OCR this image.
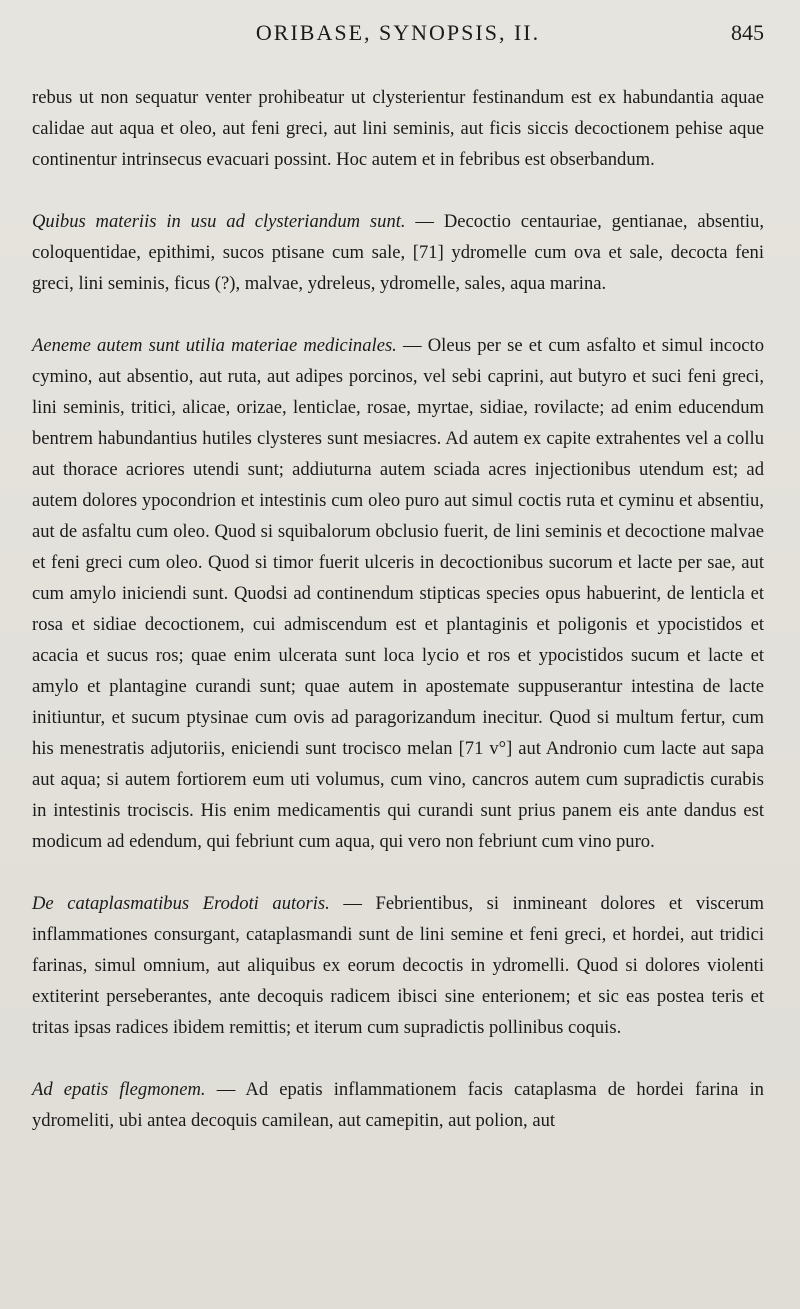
ORIBASE, SYNOPSIS, II.	845

rebus ut non sequatur venter prohibeatur ut clysterientur festinandum est ex habundantia aquae calidae aut aqua et oleo, aut feni greci, aut lini seminis, aut ficis siccis decoctionem pehise aque continentur intrinsecus evacuari possint. Hoc autem et in febribus est obserbandum.

Quibus materiis in usu ad clysteriandum sunt. — Decoctio centauriae, gentianae, absentiu, coloquentidae, epithimi, sucos ptisane cum sale, [71] ydromelle cum ova et sale, decocta feni greci, lini seminis, ficus (?), malvae, ydreleus, ydromelle, sales, aqua marina.

Aeneme autem sunt utilia materiae medicinales. — Oleus per se et cum asfalto et simul incocto cymino, aut absentio, aut ruta, aut adipes porcinos, vel sebi caprini, aut butyro et suci feni greci, lini seminis, tritici, alicae, orizae, lenticlae, rosae, myrtae, sidiae, rovilacte; ad enim educendum bentrem habundantius hutiles clysteres sunt mesiacres. Ad autem ex capite extrahentes vel a collu aut thorace acriores utendi sunt; addiuturna autem sciada acres injectionibus utendum est; ad autem dolores ypocondrion et intestinis cum oleo puro aut simul coctis ruta et cyminu et absentiu, aut de asfaltu cum oleo. Quod si squibalorum obclusio fuerit, de lini seminis et decoctione malvae et feni greci cum oleo. Quod si timor fuerit ulceris in decoctionibus sucorum et lacte per sae, aut cum amylo iniciendi sunt. Quodsi ad continendum stipticas species opus habuerint, de lenticla et rosa et sidiae decoctionem, cui admiscendum est et plantaginis et poligonis et ypocistidos et acacia et sucus ros; quae enim ulcerata sunt loca lycio et ros et ypocistidos sucum et lacte et amylo et plantagine curandi sunt; quae autem in apostemate suppuserantur intestina de lacte initiuntur, et sucum ptysinae cum ovis ad paragorizandum inecitur. Quod si multum fertur, cum his menestratis adjutoriis, eniciendi sunt trocisco melan [71 v°] aut Andronio cum lacte aut sapa aut aqua; si autem fortiorem eum uti volumus, cum vino, cancros autem cum supradictis curabis in intestinis trociscis. His enim medicamentis qui curandi sunt prius panem eis ante dandus est modicum ad edendum, qui febriunt cum aqua, qui vero non febriunt cum vino puro.

De cataplasmatibus Erodoti autoris. — Febrientibus, si inmineant dolores et viscerum inflammationes consurgant, cataplasmandi sunt de lini semine et feni greci, et hordei, aut tridici farinas, simul omnium, aut aliquibus ex eorum decoctis in ydromelli. Quod si dolores violenti extiterint perseberantes, ante decoquis radicem ibisci sine enterionem; et sic eas postea teris et tritas ipsas radices ibidem remittis; et iterum cum supradictis pollinibus coquis.

Ad epatis flegmonem. — Ad epatis inflammationem facis cataplasma de hordei farina in ydromeliti, ubi antea decoquis camilean, aut camepitin, aut polion, aut
